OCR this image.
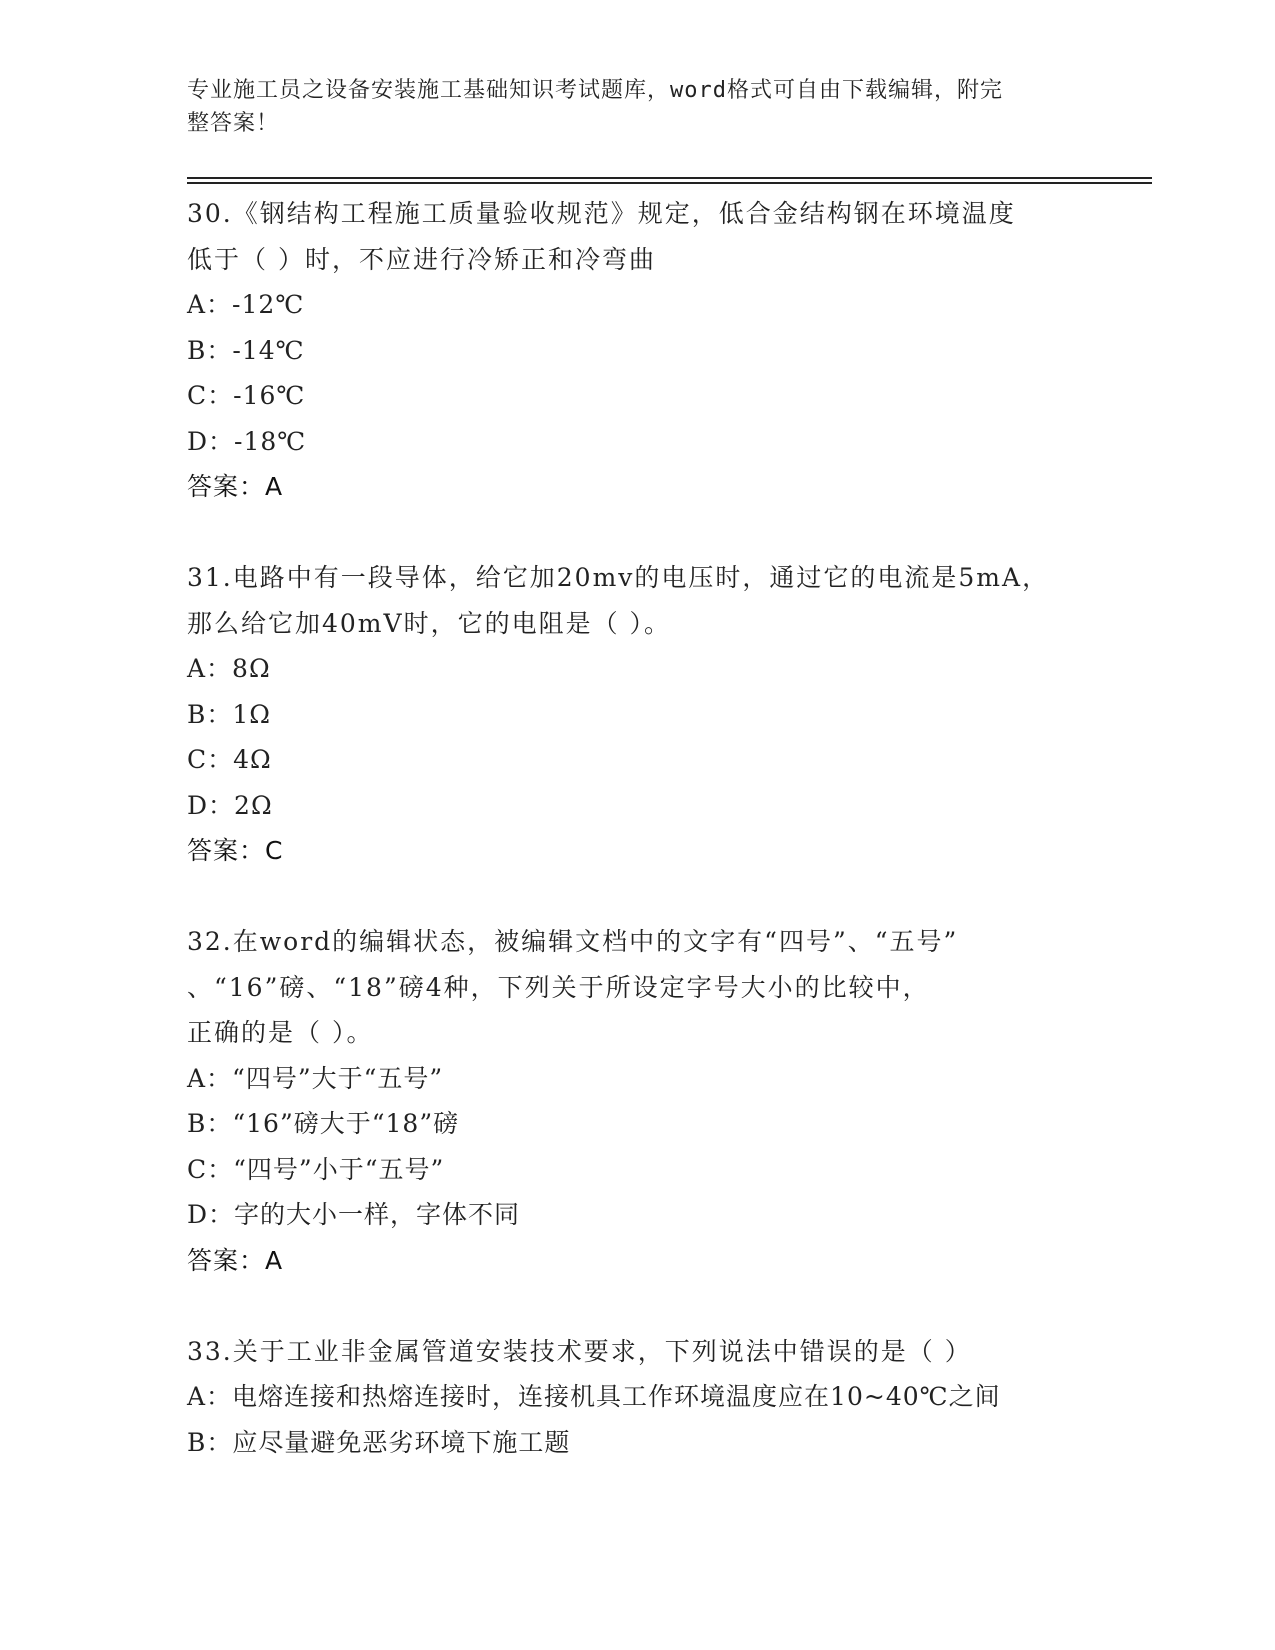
专业施工员之设备安装施工基础知识考试题库，word格式可自由下载编辑，附完
整答案！

30.《钢结构工程施工质量验收规范》规定，低合金结构钢在环境温度

低于（ ）时，不应进行冷矫正和冷弯曲

A：-12℃

B：-14℃

C：-16℃

D：-18℃

答案：A

31.电路中有一段导体，给它加20mv的电压时，通过它的电流是5mA，

那么给它加40mV时，它的电阻是（ ）。

A：8Ω

B：1Ω

C：4Ω

D：2Ω

答案：C

32.在word的编辑状态，被编辑文档中的文字有“四号”、“五号”

、“16”磅、“18”磅4种，下列关于所设定字号大小的比较中，

正确的是（ ）。

A：“四号”大于“五号”

B：“16”磅大于“18”磅

C：“四号”小于“五号”

D：字的大小一样，字体不同

答案：A

33.关于工业非金属管道安装技术要求，下列说法中错误的是（ ）

A：电熔连接和热熔连接时，连接机具工作环境温度应在10~40℃之间

B：应尽量避免恶劣环境下施工题
